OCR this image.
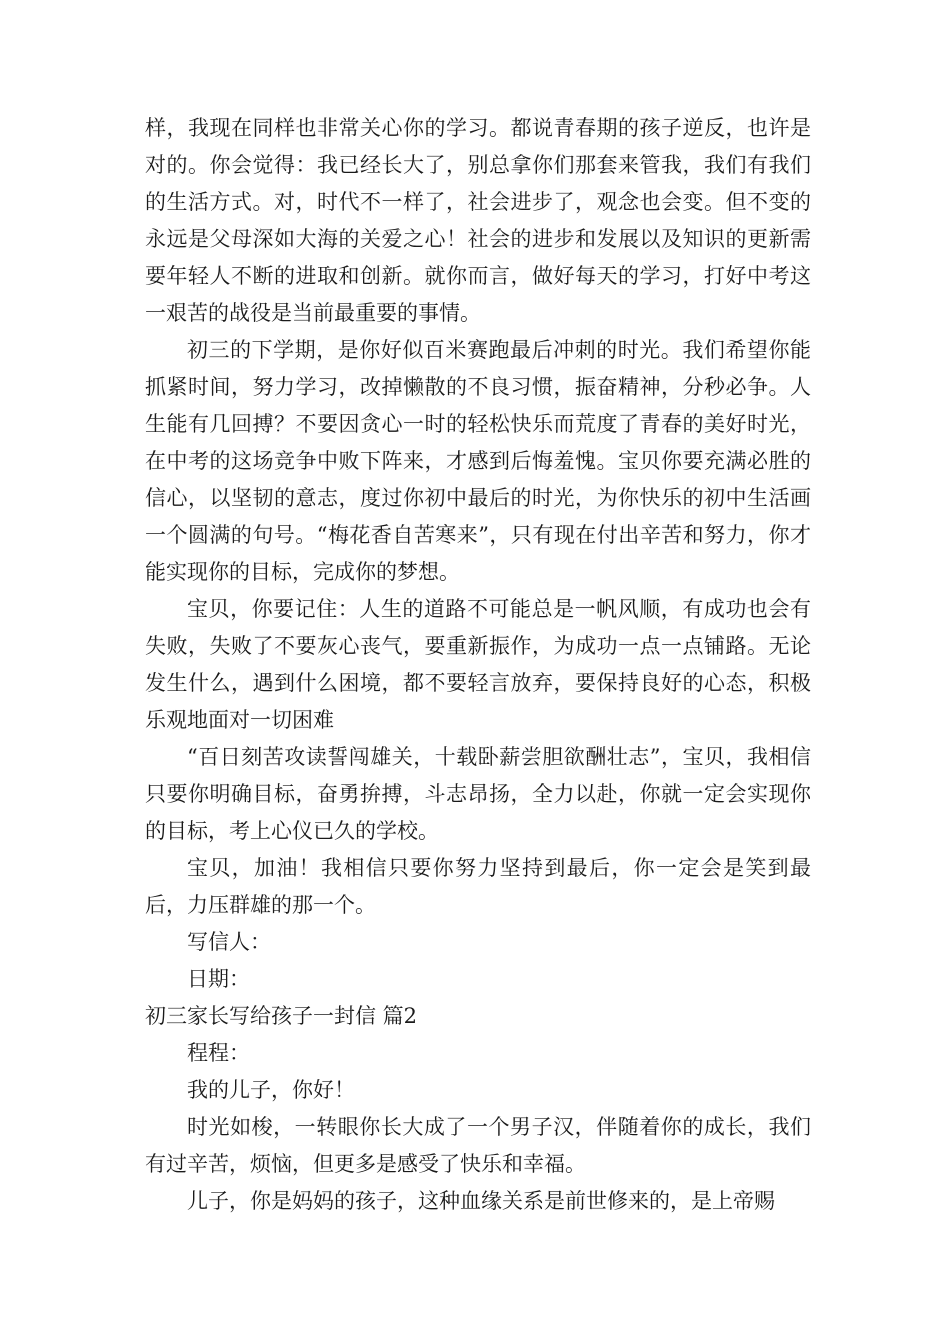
样，我现在同样也非常关心你的学习。都说青春期的孩子逆反，也许是对的。你会觉得：我已经长大了，别总拿你们那套来管我，我们有我们的生活方式。对，时代不一样了，社会进步了，观念也会变。但不变的永远是父母深如大海的关爱之心！社会的进步和发展以及知识的更新需要年轻人不断的进取和创新。就你而言，做好每天的学习，打好中考这一艰苦的战役是当前最重要的事情。

初三的下学期，是你好似百米赛跑最后冲刺的时光。我们希望你能抓紧时间，努力学习，改掉懒散的不良习惯，振奋精神，分秒必争。人生能有几回搏？不要因贪心一时的轻松快乐而荒度了青春的美好时光，在中考的这场竞争中败下阵来，才感到后悔羞愧。宝贝你要充满必胜的信心，以坚韧的意志，度过你初中最后的时光，为你快乐的初中生活画一个圆满的句号。“梅花香自苦寒来”，只有现在付出辛苦和努力，你才能实现你的目标，完成你的梦想。

宝贝，你要记住：人生的道路不可能总是一帆风顺，有成功也会有失败，失败了不要灰心丧气，要重新振作，为成功一点一点铺路。无论发生什么，遇到什么困境，都不要轻言放弃，要保持良好的心态，积极乐观地面对一切困难

“百日刻苦攻读誓闯雄关，十载卧薪尝胆欲酬壮志”，宝贝，我相信只要你明确目标，奋勇拚搏，斗志昂扬，全力以赴，你就一定会实现你的目标，考上心仪已久的学校。

宝贝，加油！我相信只要你努力坚持到最后，你一定会是笑到最后，力压群雄的那一个。

写信人：

日期：

初三家长写给孩子一封信 篇2

程程：

我的儿子，你好！

时光如梭，一转眼你长大成了一个男子汉，伴随着你的成长，我们有过辛苦，烦恼，但更多是感受了快乐和幸福。

儿子，你是妈妈的孩子，这种血缘关系是前世修来的，是上帝赐
